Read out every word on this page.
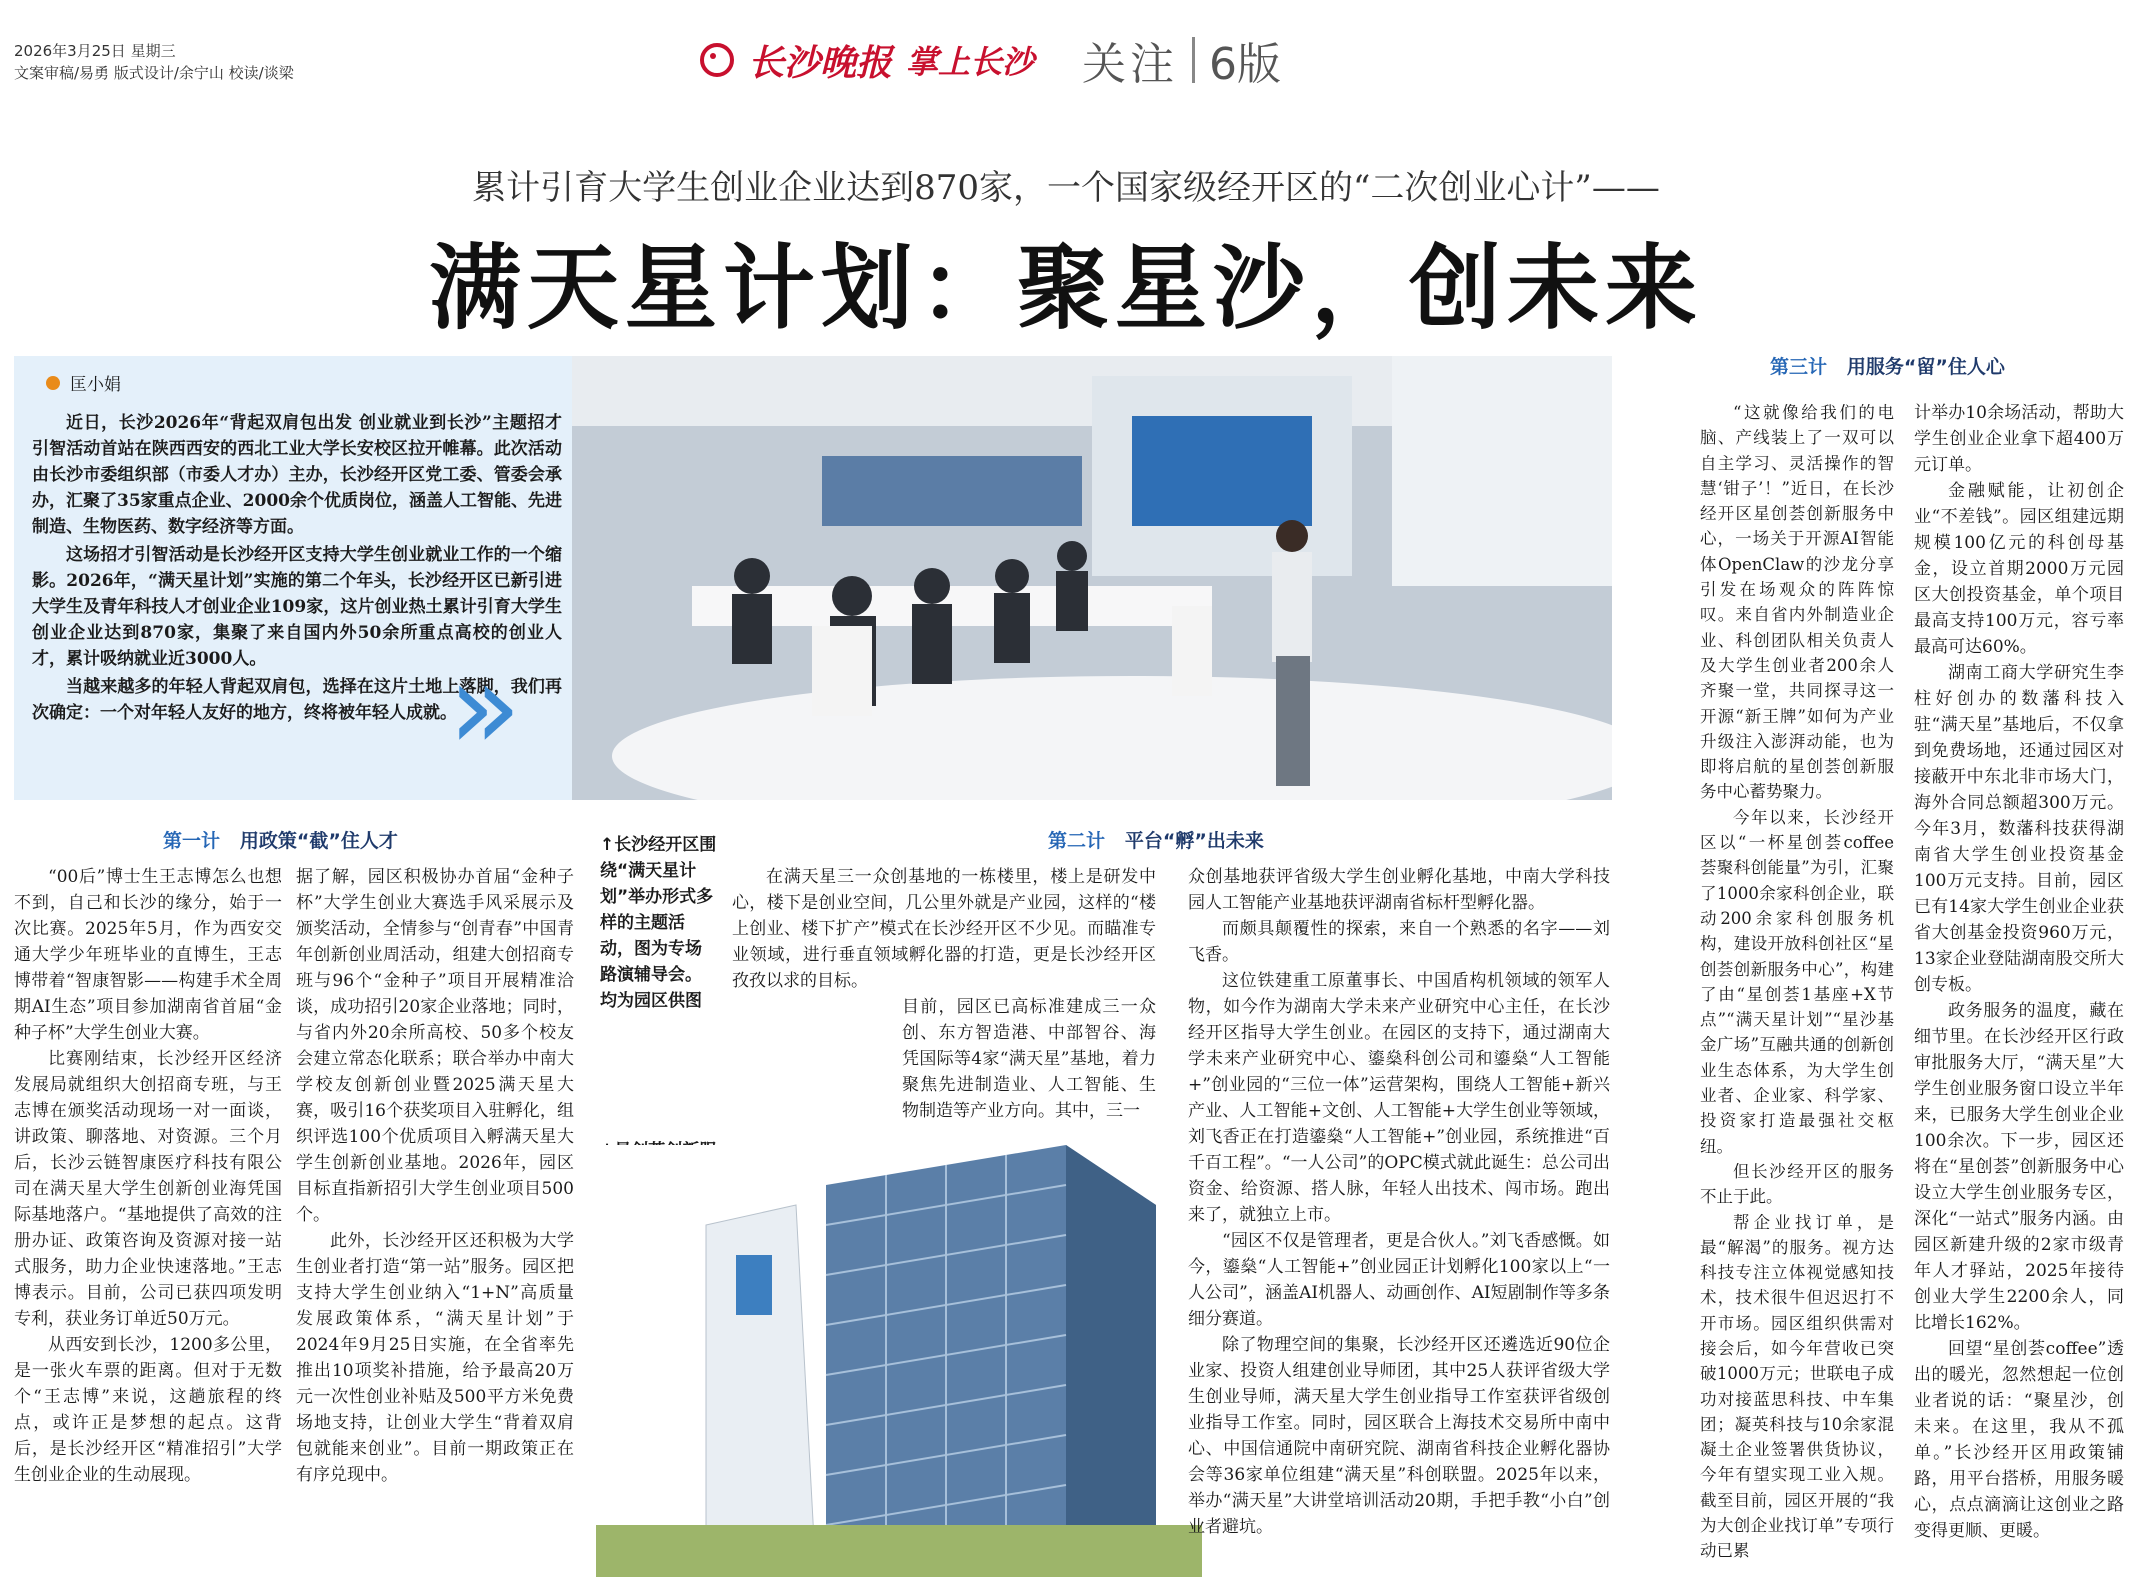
2026年3月25日 星期三
文案审稿/易勇 版式设计/余宁山 校读/谈梁	长沙晚报 掌上长沙 关注 6版
累计引育大学生创业企业达到870家，一个国家级经开区的“二次创业心计”——
满天星计划：聚星沙，创未来
匡小娟

近日，长沙2026年“背起双肩包出发 创业就业到长沙”主题招才引智活动首站在陕西西安的西北工业大学长安校区拉开帷幕。此次活动由长沙市委组织部（市委人才办）主办，长沙经开区党工委、管委会承办，汇聚了35家重点企业、2000余个优质岗位，涵盖人工智能、先进制造、生物医药、数字经济等方面。

这场招才引智活动是长沙经开区支持大学生创业就业工作的一个缩影。2026年，“满天星计划”实施的第二个年头，长沙经开区已新引进大学生及青年科技人才创业企业109家，这片创业热土累计引育大学生创业企业达到870家，集聚了来自国内外50余所重点高校的创业人才，累计吸纳就业近3000人。

当越来越多的年轻人背起双肩包，选择在这片土地上落脚，我们再次确定：一个对年轻人友好的地方，终将被年轻人成就。

»
第一计 用政策“截”住人才	第二计 平台“孵”出未来
第三计 用服务“留”住人心

“00后”博士生王志博怎么也想不到，自己和长沙的缘分，始于一次比赛。2025年5月，作为西安交通大学少年班毕业的直博生，王志博带着“智康智影——构建手术全周期AI生态”项目参加湖南省首届“金种子杯”大学生创业大赛。

比赛刚结束，长沙经开区经济发展局就组织大创招商专班，与王志博在颁奖活动现场一对一面谈，讲政策、聊落地、对资源。三个月后，长沙云链智康医疗科技有限公司在满天星大学生创新创业海凭国际基地落户。“基地提供了高效的注册办证、政策咨询及资源对接一站式服务，助力企业快速落地。”王志博表示。目前，公司已获四项发明专利，获业务订单近50万元。

从西安到长沙，1200多公里，是一张火车票的距离。但对于无数个“王志博”来说，这趟旅程的终点，或许正是梦想的起点。这背后，是长沙经开区“精准招引”大学生创业企业的生动展现。

据了解，园区积极协办首届“金种子杯”大学生创业大赛选手风采展示及颁奖活动，全情参与“创青春”中国青年创新创业周活动，组建大创招商专班与96个“金种子”项目开展精准洽谈，成功招引20家企业落地；同时，与省内外20余所高校、50多个校友会建立常态化联系；联合举办中南大学校友创新创业暨2025满天星大赛，吸引16个获奖项目入驻孵化，组织评选100个优质项目入孵满天星大学生创新创业基地。2026年，园区目标直指新招引大学生创业项目500个。

此外，长沙经开区还积极为大学生创业者打造“第一站”服务。园区把支持大学生创业纳入“1+N”高质量发展政策体系，“满天星计划”于2024年9月25日实施，在全省率先推出10项奖补措施，给予最高20万元一次性创业补贴及500平方米免费场地支持，让创业大学生“背着双肩包就能来创业”。目前一期政策正在有序兑现中。

↑长沙经开区围绕“满天星计划”举办形式多样的主题活动，图为专场路演辅导会。均为园区供图

在满天星三一众创基地的一栋楼里，楼上是研发中心，楼下是创业空间，几公里外就是产业园，这样的“楼上创业、楼下扩产”模式在长沙经开区不少见。而瞄准专业领域，进行垂直领域孵化器的打造，更是长沙经开区孜孜以求的目标。

目前，园区已高标准建成三一众创、东方智造港、中部智谷、海凭国际等4家“满天星”基地，着力聚焦先进制造业、人工智能、生物制造等产业方向。其中，三一

众创基地获评省级大学生创业孵化基地，中南大学科技园人工智能产业基地获评湖南省标杆型孵化器。

而颇具颠覆性的探索，来自一个熟悉的名字——刘飞香。

这位铁建重工原董事长、中国盾构机领域的领军人物，如今作为湖南大学未来产业研究中心主任，在长沙经开区指导大学生创业。在园区的支持下，通过湖南大学未来产业研究中心、鎏燊科创公司和鎏燊“人工智能+”创业园的“三位一体”运营架构，围绕人工智能+新兴产业、人工智能+文创、人工智能+大学生创业等领域，刘飞香正在打造鎏燊“人工智能+”创业园，系统推进“百千百工程”。“一人公司”的OPC模式就此诞生：总公司出资金、给资源、搭人脉，年轻人出技术、闯市场。跑出来了，就独立上市。

“园区不仅是管理者，更是合伙人。”刘飞香感慨。如今，鎏燊“人工智能+”创业园正计划孵化100家以上“一人公司”，涵盖AI机器人、动画创作、AI短剧制作等多条细分赛道。

除了物理空间的集聚，长沙经开区还遴选近90位企业家、投资人组建创业导师团，其中25人获评省级大学生创业导师，满天星大学生创业指导工作室获评省级创业指导工作室。同时，园区联合上海技术交易所中南中心、中国信通院中南研究院、湖南省科技企业孵化器协会等36家单位组建“满天星”科创联盟。2025年以来，举办“满天星”大讲堂培训活动20期，手把手教“小白”创业者避坑。

“这就像给我们的电脑、产线装上了一双可以自主学习、灵活操作的智慧‘钳子’！”近日，在长沙经开区星创荟创新服务中心，一场关于开源AI智能体OpenClaw的沙龙分享引发在场观众的阵阵惊叹。来自省内外制造业企业、科创团队相关负责人及大学生创业者200余人齐聚一堂，共同探寻这一开源“新王牌”如何为产业升级注入澎湃动能，也为即将启航的星创荟创新服务中心蓄势聚力。

今年以来，长沙经开区以“一杯星创荟coffee 荟聚科创能量”为引，汇聚了1000余家科创企业，联动200余家科创服务机构，建设开放科创社区“星创荟创新服务中心”，构建了由“星创荟1基座+X节点”“满天星计划”“星沙基金广场”互融共通的创新创业生态体系，为大学生创业者、企业家、科学家、投资家打造最强社交枢纽。

但长沙经开区的服务不止于此。

帮企业找订单，是最“解渴”的服务。视方达科技专注立体视觉感知技术，技术很牛但迟迟打不开市场。园区组织供需对接会后，如今年营收已突破1000万元；世联电子成功对接蓝思科技、中车集团；凝英科技与10余家混凝土企业签署供货协议，今年有望实现工业入规。截至目前，园区开展的“我为大创企业找订单”专项行动已累

计举办10余场活动，帮助大学生创业企业拿下超400万元订单。

金融赋能，让初创企业“不差钱”。园区组建远期规模100亿元的科创母基金，设立首期2000万元园区大创投资基金，单个项目最高支持100万元，容亏率最高可达60%。

湖南工商大学研究生李柱好创办的数藩科技入驻“满天星”基地后，不仅拿到免费场地，还通过园区对接蔽开中东北非市场大门，海外合同总额超300万元。今年3月，数藩科技获得湖南省大学生创业投资基金100万元支持。目前，园区已有14家大学生创业企业获省大创基金投资960万元，13家企业登陆湖南股交所大创专板。

政务服务的温度，藏在细节里。在长沙经开区行政审批服务大厅，“满天星”大学生创业服务窗口设立半年来，已服务大学生创业企业100余次。下一步，园区还将在“星创荟”创新服务中心设立大学生创业服务专区，深化“一站式”服务内涵。由园区新建升级的2家市级青年人才驿站，2025年接待创业大学生2200余人，同比增长162%。

回望“星创荟coffee”透出的暖光，忽然想起一位创业者说的话：“聚星沙，创未来。在这里，我从不孤单。”长沙经开区用政策铺路，用平台搭桥，用服务暖心，点点滴滴让这创业之路变得更顺、更暖。
